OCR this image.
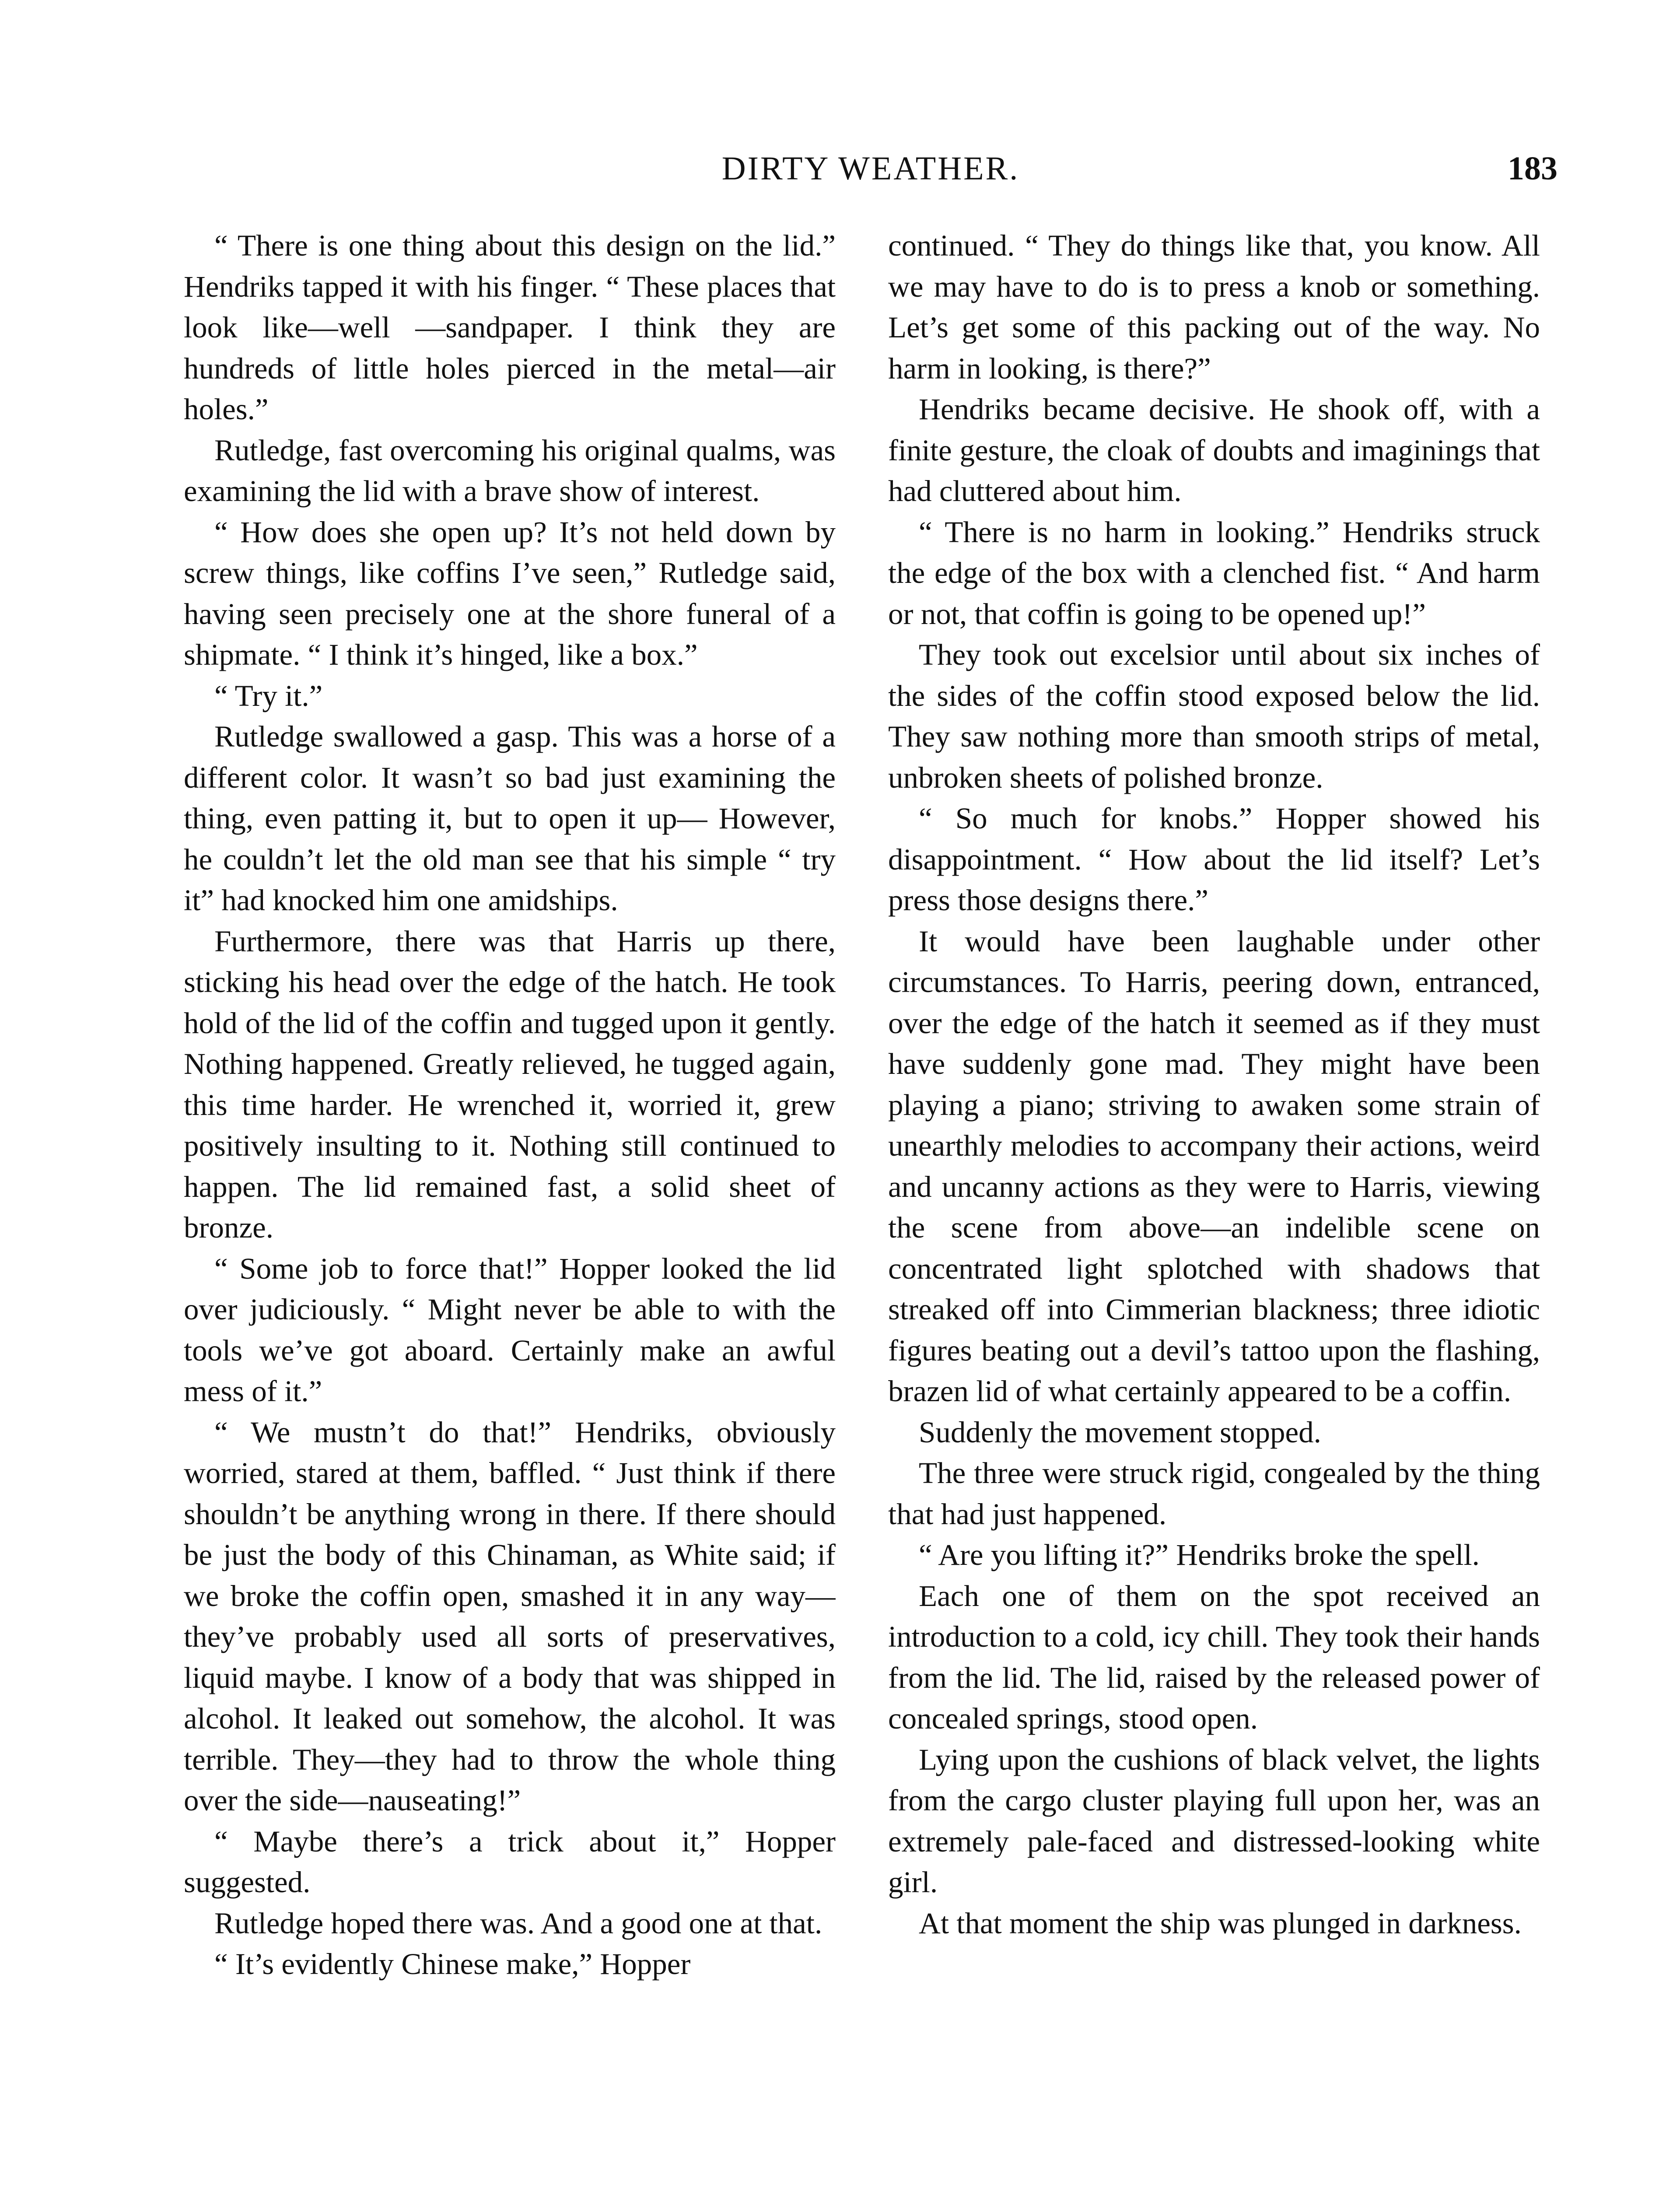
DIRTY WEATHER.	183

“ There is one thing about this design on the lid.” Hendriks tapped it with his finger. “ These places that look like—well —sandpaper. I think they are hundreds of little holes pierced in the metal—air holes.”

Rutledge, fast overcoming his original qualms, was examining the lid with a brave show of interest.

“ How does she open up? It’s not held down by screw things, like coffins I’ve seen,” Rutledge said, having seen precisely one at the shore funeral of a shipmate. “ I think it’s hinged, like a box.”

“ Try it.”

Rutledge swallowed a gasp. This was a horse of a different color. It wasn’t so bad just examining the thing, even patting it, but to open it up— However, he couldn’t let the old man see that his simple “ try it” had knocked him one amidships.

Furthermore, there was that Harris up there, sticking his head over the edge of the hatch. He took hold of the lid of the coffin and tugged upon it gently. Nothing happened. Greatly relieved, he tugged again, this time harder. He wrenched it, worried it, grew positively insulting to it. Nothing still continued to happen. The lid remained fast, a solid sheet of bronze.

“ Some job to force that!” Hopper looked the lid over judiciously. “ Might never be able to with the tools we’ve got aboard. Certainly make an awful mess of it.”

“ We mustn’t do that!” Hendriks, obviously worried, stared at them, baffled. “ Just think if there shouldn’t be anything wrong in there. If there should be just the body of this Chinaman, as White said; if we broke the coffin open, smashed it in any way—they’ve probably used all sorts of preservatives, liquid maybe. I know of a body that was shipped in alcohol. It leaked out somehow, the alcohol. It was terrible. They—they had to throw the whole thing over the side—nauseating!”

“ Maybe there’s a trick about it,” Hopper suggested.

Rutledge hoped there was. And a good one at that.

“ It’s evidently Chinese make,” Hopper

continued. “ They do things like that, you know. All we may have to do is to press a knob or something. Let’s get some of this packing out of the way. No harm in looking, is there?”

Hendriks became decisive. He shook off, with a finite gesture, the cloak of doubts and imaginings that had cluttered about him.

“ There is no harm in looking.” Hendriks struck the edge of the box with a clenched fist. “ And harm or not, that coffin is going to be opened up!”

They took out excelsior until about six inches of the sides of the coffin stood exposed below the lid. They saw nothing more than smooth strips of metal, unbroken sheets of polished bronze.

“ So much for knobs.” Hopper showed his disappointment. “ How about the lid itself? Let’s press those designs there.”

It would have been laughable under other circumstances. To Harris, peering down, entranced, over the edge of the hatch it seemed as if they must have suddenly gone mad. They might have been playing a piano; striving to awaken some strain of unearthly melodies to accompany their actions, weird and uncanny actions as they were to Harris, viewing the scene from above—an indelible scene on concentrated light splotched with shadows that streaked off into Cimmerian blackness; three idiotic figures beating out a devil’s tattoo upon the flashing, brazen lid of what certainly appeared to be a coffin.

Suddenly the movement stopped.

The three were struck rigid, congealed by the thing that had just happened.

“ Are you lifting it?” Hendriks broke the spell.

Each one of them on the spot received an introduction to a cold, icy chill. They took their hands from the lid. The lid, raised by the released power of concealed springs, stood open.

Lying upon the cushions of black velvet, the lights from the cargo cluster playing full upon her, was an extremely pale-faced and distressed-looking white girl.

At that moment the ship was plunged in darkness.
